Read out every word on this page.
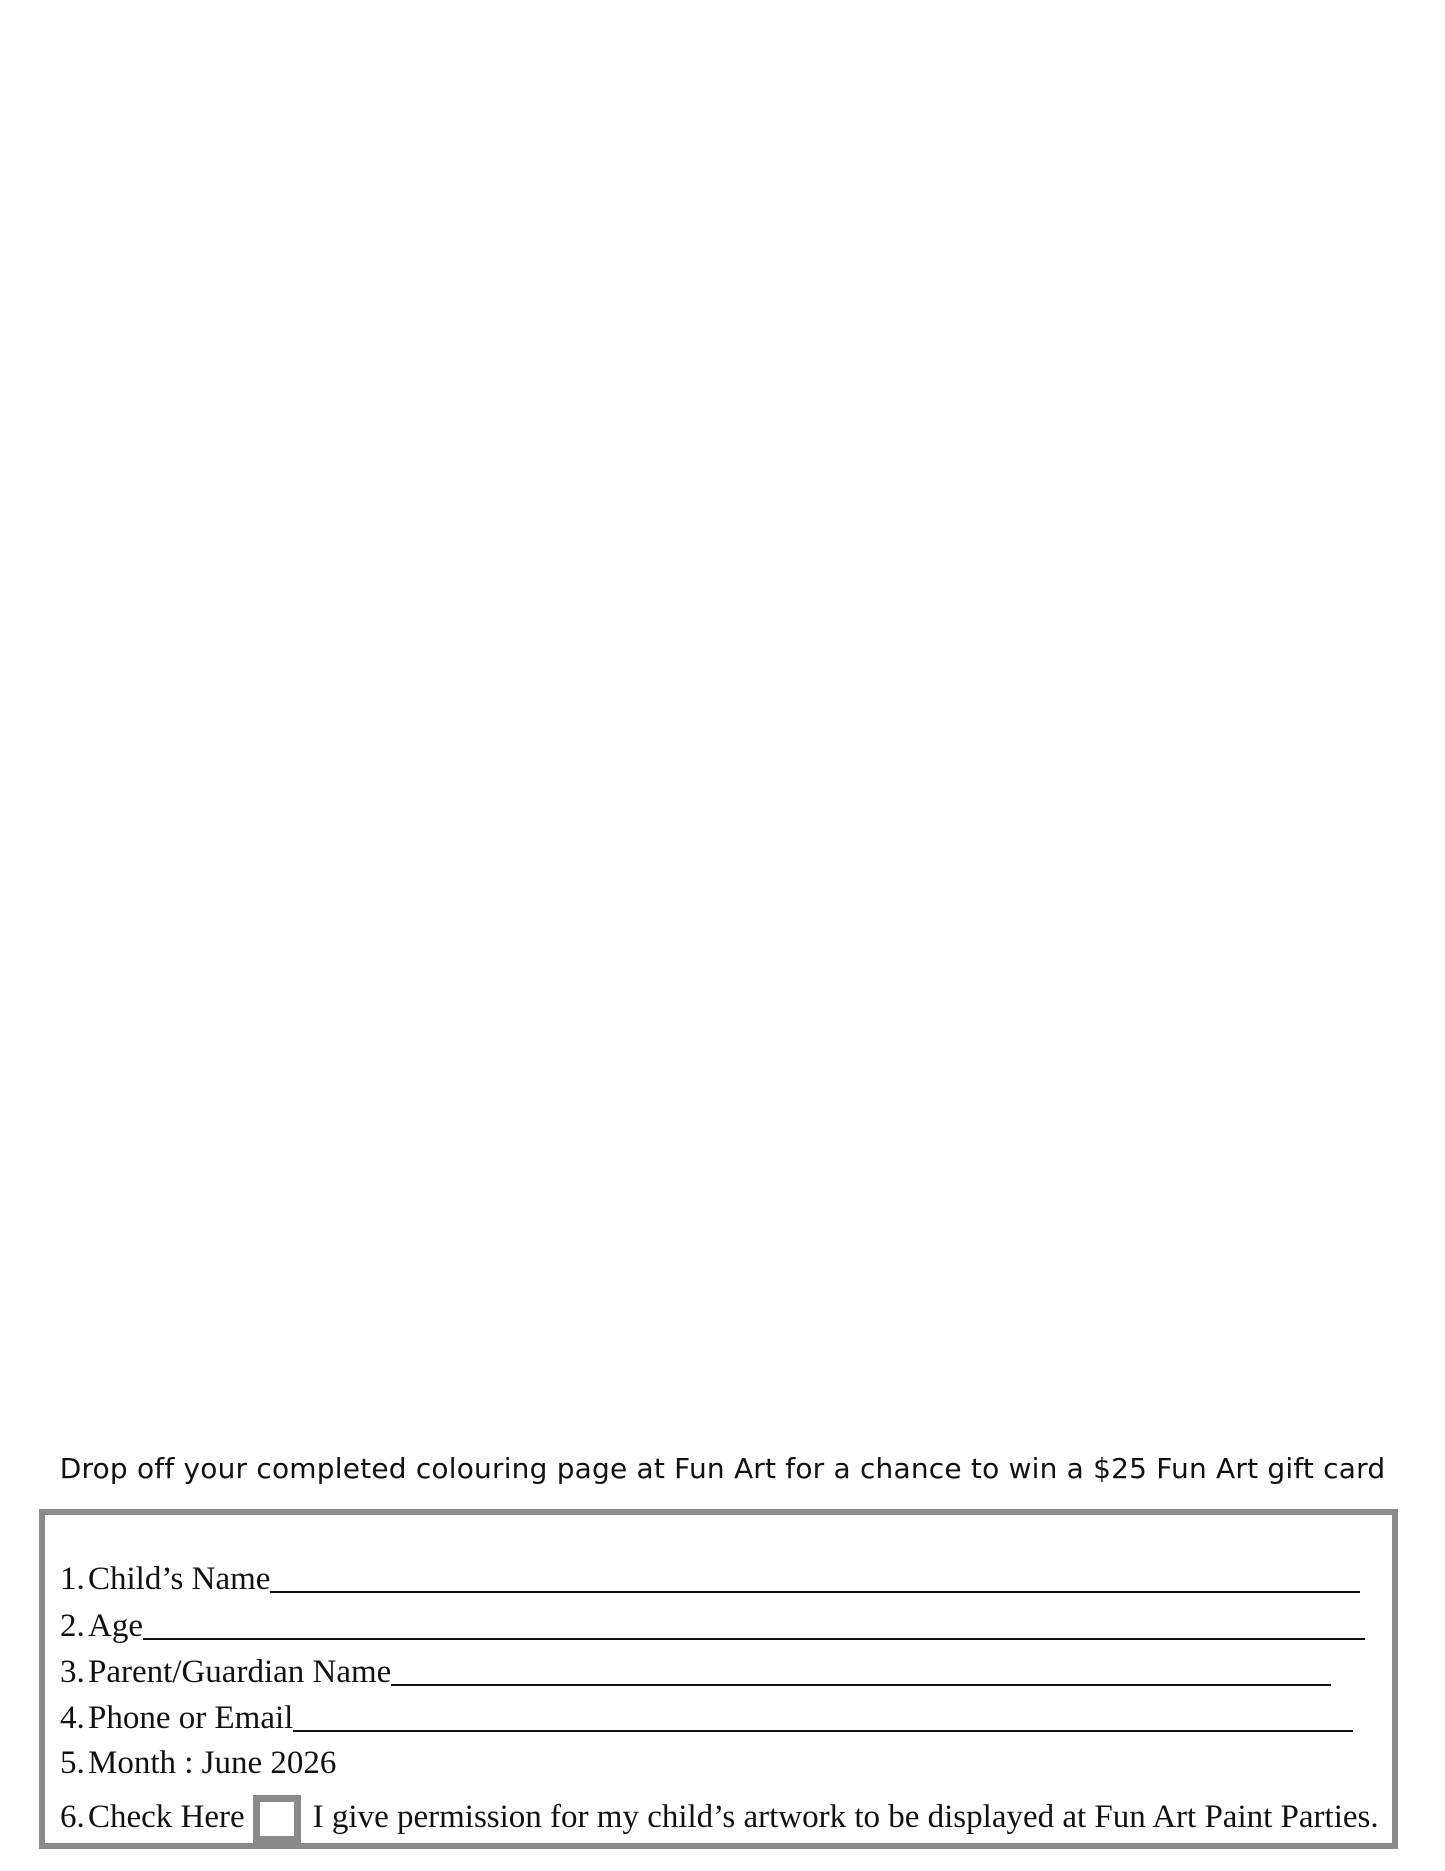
Drop off your completed colouring page at Fun Art for a chance to win a $25 Fun Art gift card
1. Child’s Name
2. Age
3. Parent/Guardian Name
4. Phone or Email
5. Month : June 2026
6. Check Here I give permission for my child’s artwork to be displayed at Fun Art Paint Parties.
